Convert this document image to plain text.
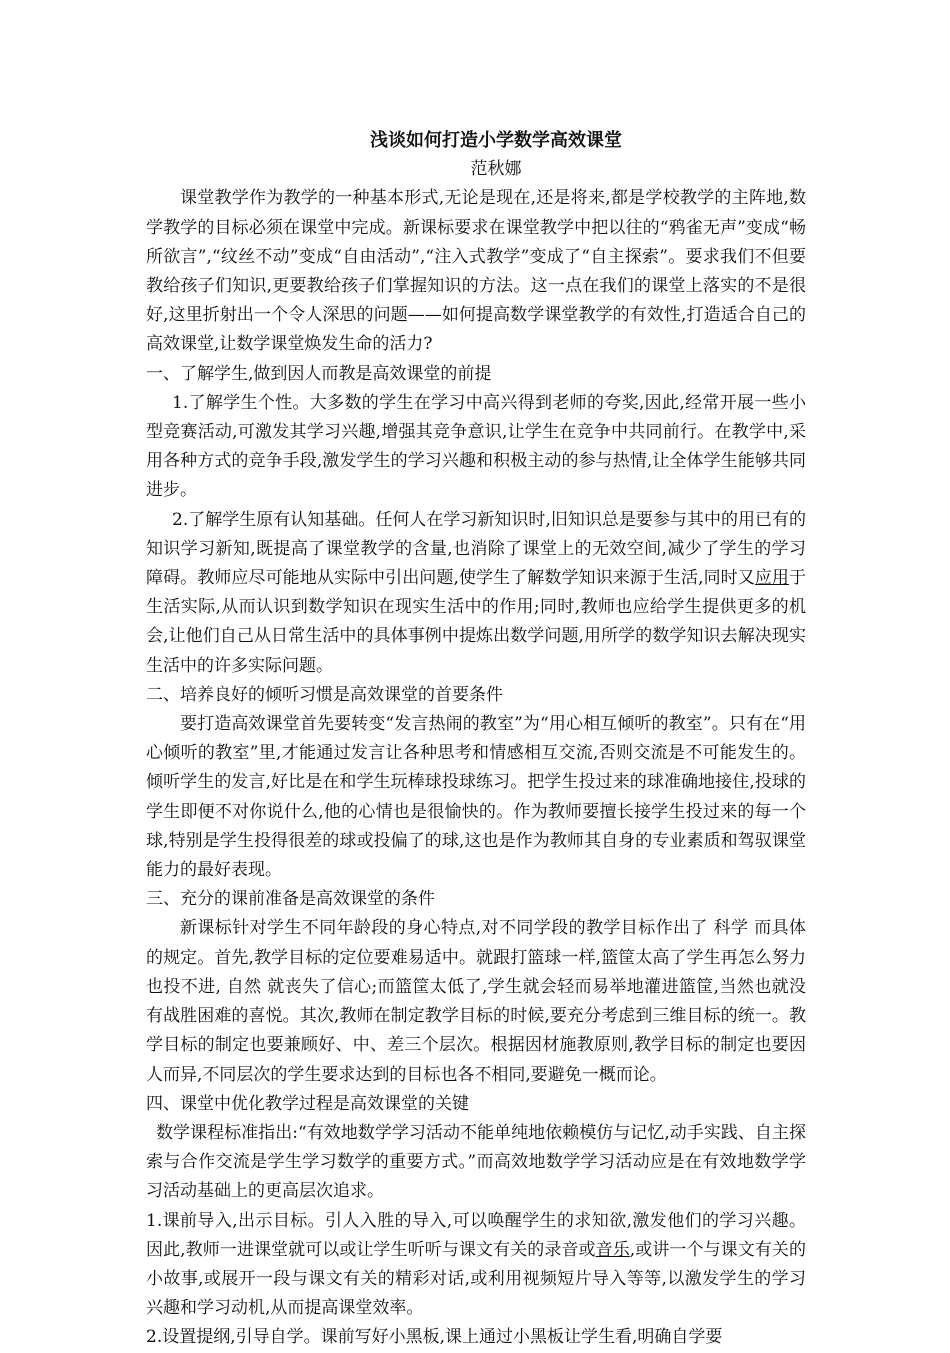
浅谈如何打造小学数学高效课堂

范秋娜

课堂教学作为教学的一种基本形式,无论是现在,还是将来,都是学校教学的主阵地,数学教学的目标必须在课堂中完成。新课标要求在课堂教学中把以往的“鸦雀无声”变成“畅所欲言”,“纹丝不动”变成“自由活动”,“注入式教学”变成了“自主探索”。要求我们不但要教给孩子们知识,更要教给孩子们掌握知识的方法。这一点在我们的课堂上落实的不是很好,这里折射出一个令人深思的问题——如何提高数学课堂教学的有效性,打造适合自己的高效课堂,让数学课堂焕发生命的活力?

一、了解学生,做到因人而教是高效课堂的前提

1.了解学生个性。大多数的学生在学习中高兴得到老师的夸奖,因此,经常开展一些小型竞赛活动,可激发其学习兴趣,增强其竞争意识,让学生在竞争中共同前行。在教学中,采用各种方式的竞争手段,激发学生的学习兴趣和积极主动的参与热情,让全体学生能够共同进步。

2.了解学生原有认知基础。任何人在学习新知识时,旧知识总是要参与其中的用已有的知识学习新知,既提高了课堂教学的含量,也消除了课堂上的无效空间,减少了学生的学习障碍。教师应尽可能地从实际中引出问题,使学生了解数学知识来源于生活,同时又应用于生活实际,从而认识到数学知识在现实生活中的作用;同时,教师也应给学生提供更多的机会,让他们自己从日常生活中的具体事例中提炼出数学问题,用所学的数学知识去解决现实生活中的许多实际问题。

二、培养良好的倾听习惯是高效课堂的首要条件

要打造高效课堂首先要转变“发言热闹的教室”为“用心相互倾听的教室”。只有在“用心倾听的教室”里,才能通过发言让各种思考和情感相互交流,否则交流是不可能发生的。倾听学生的发言,好比是在和学生玩棒球投球练习。把学生投过来的球准确地接住,投球的学生即便不对你说什么,他的心情也是很愉快的。作为教师要擅长接学生投过来的每一个球,特别是学生投得很差的球或投偏了的球,这也是作为教师其自身的专业素质和驾驭课堂能力的最好表现。

三、充分的课前准备是高效课堂的条件

新课标针对学生不同年龄段的身心特点,对不同学段的教学目标作出了 科学 而具体的规定。首先,教学目标的定位要难易适中。就跟打篮球一样,篮筐太高了学生再怎么努力也投不进, 自然 就丧失了信心;而篮筐太低了,学生就会轻而易举地灌进篮筐,当然也就没有战胜困难的喜悦。其次,教师在制定教学目标的时候,要充分考虑到三维目标的统一。教学目标的制定也要兼顾好、中、差三个层次。根据因材施教原则,教学目标的制定也要因人而异,不同层次的学生要求达到的目标也各不相同,要避免一概而论。

四、课堂中优化教学过程是高效课堂的关键

数学课程标准指出:“有效地数学学习活动不能单纯地依赖模仿与记忆,动手实践、自主探索与合作交流是学生学习数学的重要方式。”而高效地数学学习活动应是在有效地数学学习活动基础上的更高层次追求。

1.课前导入,出示目标。引人入胜的导入,可以唤醒学生的求知欲,激发他们的学习兴趣。因此,教师一进课堂就可以或让学生听听与课文有关的录音或音乐,或讲一个与课文有关的小故事,或展开一段与课文有关的精彩对话,或利用视频短片导入等等,以激发学生的学习兴趣和学习动机,从而提高课堂效率。

2.设置提纲,引导自学。课前写好小黑板,课上通过小黑板让学生看,明确自学要
